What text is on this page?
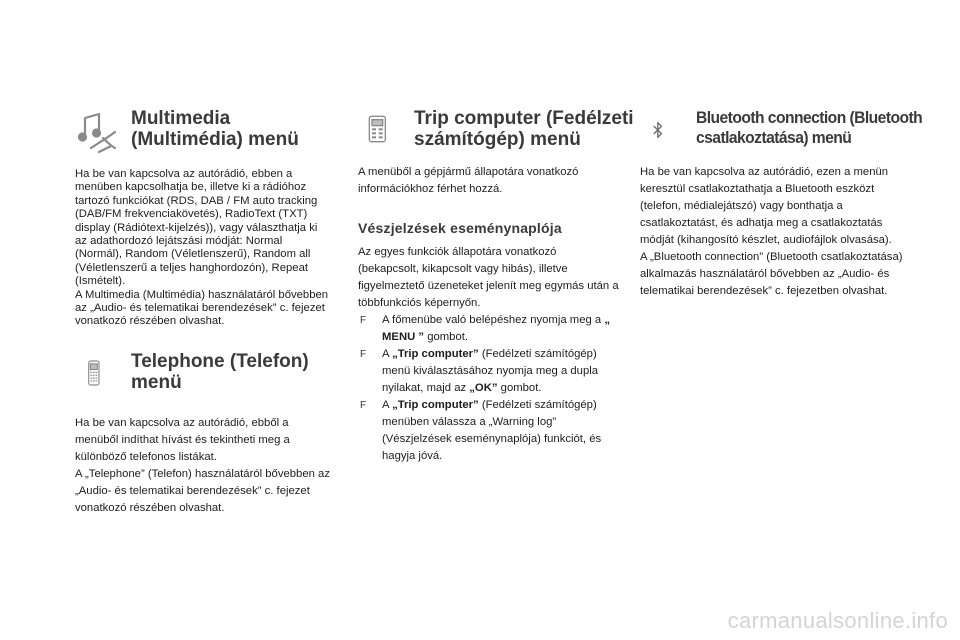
Multimedia
(Multimédia) menü

Ha be van kapcsolva az autórádió, ebben a menüben kapcsolhatja be, illetve ki a rádióhoz tartozó funkciókat (RDS, DAB / FM auto tracking (DAB/FM frekvenciakövetés), RadioText (TXT) display (Rádiótext-kijelzés)), vagy választhatja ki az adathordozó lejátszási módját: Normal (Normál), Random (Véletlenszerű), Random all (Véletlenszerű a teljes hanghordozón), Repeat (Ismételt).

A Multimedia (Multimédia) használatáról bővebben az „Audio- és telematikai berendezések” c. fejezet vonatkozó részében olvashat.

Telephone (Telefon)
menü

Ha be van kapcsolva az autórádió, ebből a menüből indíthat hívást és tekintheti meg a különböző telefonos listákat.

A „Telephone” (Telefon) használatáról bővebben az „Audio- és telematikai berendezések” c. fejezet vonatkozó részében olvashat.

Trip computer (Fedélzeti
számítógép) menü

A menüből a gépjármű állapotára vonatkozó információkhoz férhet hozzá.

Vészjelzések eseménynaplója

Az egyes funkciók állapotára vonatkozó (bekapcsolt, kikapcsolt vagy hibás), illetve figyelmeztető üzeneteket jelenít meg egymás után a többfunkciós képernyőn.

F A főmenübe való belépéshez nyomja meg a „ MENU ” gombot.
F A „Trip computer” (Fedélzeti számítógép) menü kiválasztásához nyomja meg a dupla nyilakat, majd az „OK” gombot.
F A „Trip computer” (Fedélzeti számítógép) menüben válassza a „Warning log” (Vészjelzések eseménynaplója) funkciót, és hagyja jóvá.
Bluetooth connection (Bluetooth
csatlakoztatása) menü

Ha be van kapcsolva az autórádió, ezen a menün keresztül csatlakoztathatja a Bluetooth eszközt (telefon, médialejátszó) vagy bonthatja a csatlakoztatást, és adhatja meg a csatlakoztatás módját (kihangosító készlet, audiofájlok olvasása).

A „Bluetooth connection” (Bluetooth csatlakoztatása) alkalmazás használatáról bővebben az „Audio- és telematikai berendezések” c. fejezetben olvashat.

carmanualsonline.info
